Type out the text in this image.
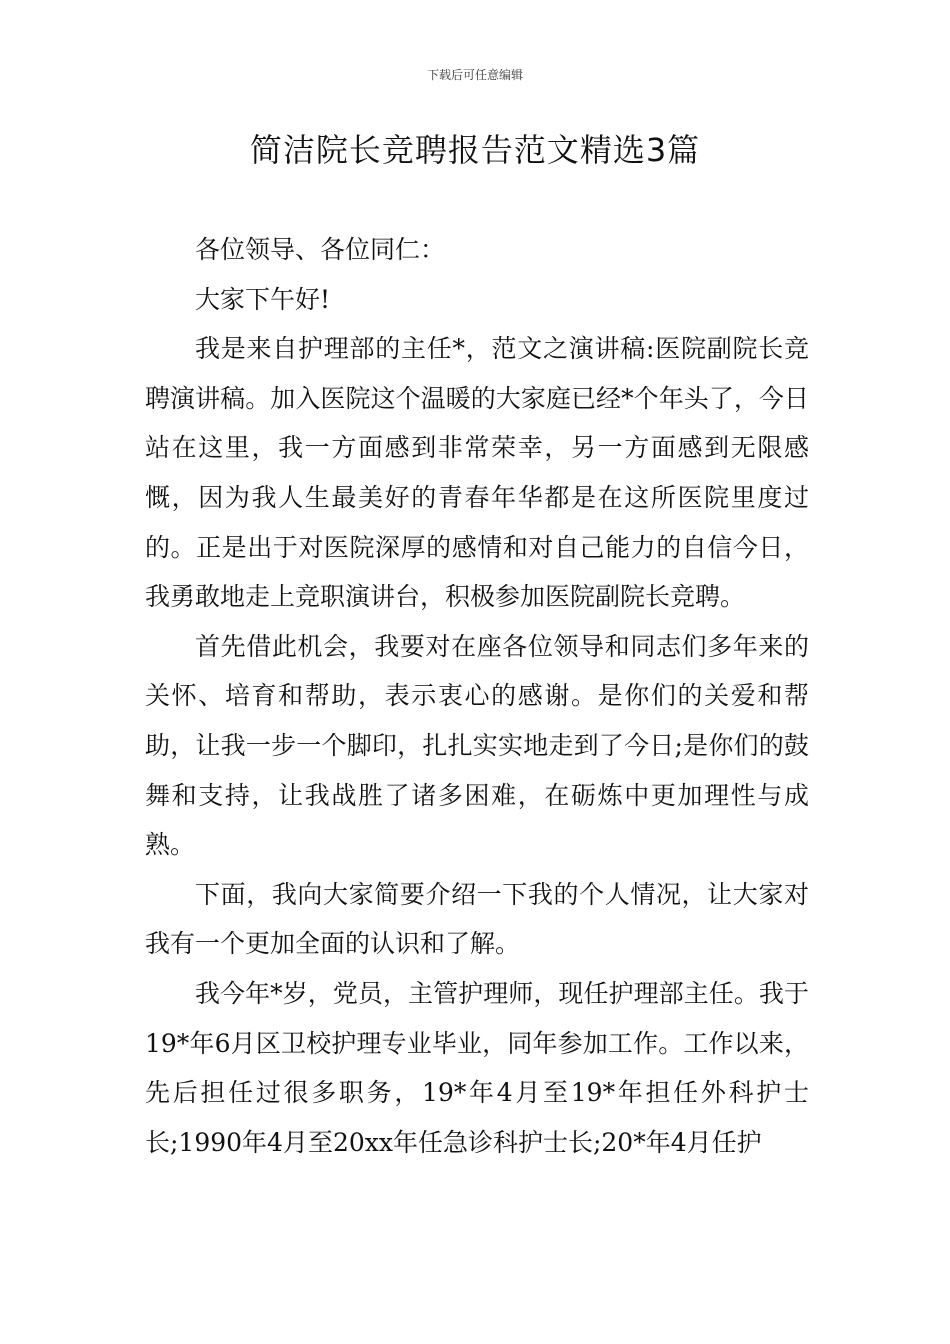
下载后可任意编辑
简洁院长竞聘报告范文精选3篇

各位领导、各位同仁：

大家下午好!

我是来自护理部的主任*，范文之演讲稿:医院副院长竞聘演讲稿。加入医院这个温暖的大家庭已经*个年头了，今日站在这里，我一方面感到非常荣幸，另一方面感到无限感慨，因为我人生最美好的青春年华都是在这所医院里度过的。正是出于对医院深厚的感情和对自己能力的自信今日，我勇敢地走上竞职演讲台，积极参加医院副院长竞聘。

首先借此机会，我要对在座各位领导和同志们多年来的关怀、培育和帮助，表示衷心的感谢。是你们的关爱和帮助，让我一步一个脚印，扎扎实实地走到了今日;是你们的鼓舞和支持，让我战胜了诸多困难，在砺炼中更加理性与成熟。

下面，我向大家简要介绍一下我的个人情况，让大家对我有一个更加全面的认识和了解。

我今年*岁，党员，主管护理师，现任护理部主任。我于19*年6月区卫校护理专业毕业，同年参加工作。工作以来，先后担任过很多职务，19*年4月至19*年担任外科护士长;1990年4月至20xx年任急诊科护士长;20*年4月任护
